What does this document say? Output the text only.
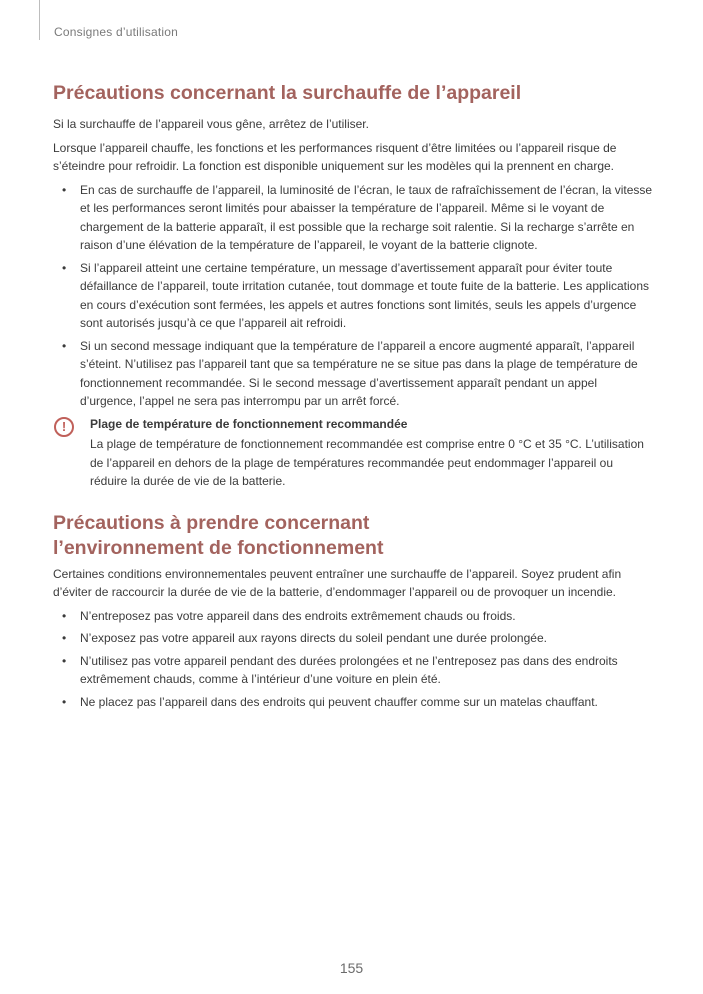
Consignes d’utilisation
Précautions concernant la surchauffe de l’appareil

Si la surchauffe de l’appareil vous gêne, arrêtez de l’utiliser.

Lorsque l’appareil chauffe, les fonctions et les performances risquent d’être limitées ou l’appareil risque de s’éteindre pour refroidir. La fonction est disponible uniquement sur les modèles qui la prennent en charge.

• En cas de surchauffe de l’appareil, la luminosité de l’écran, le taux de rafraîchissement de l’écran, la vitesse et les performances seront limités pour abaisser la température de l’appareil. Même si le voyant de chargement de la batterie apparaît, il est possible que la recharge soit ralentie. Si la recharge s’arrête en raison d’une élévation de la température de l’appareil, le voyant de la batterie clignote.
• Si l’appareil atteint une certaine température, un message d’avertissement apparaît pour éviter toute défaillance de l’appareil, toute irritation cutanée, tout dommage et toute fuite de la batterie. Les applications en cours d’exécution sont fermées, les appels et autres fonctions sont limités, seuls les appels d’urgence sont autorisés jusqu’à ce que l’appareil ait refroidi.
• Si un second message indiquant que la température de l’appareil a encore augmenté apparaît, l’appareil s’éteint. N’utilisez pas l’appareil tant que sa température ne se situe pas dans la plage de température de fonctionnement recommandée. Si le second message d’avertissement apparaît pendant un appel d’urgence, l’appel ne sera pas interrompu par un arrêt forcé.
!	Plage de température de fonctionnement recommandée
La plage de température de fonctionnement recommandée est comprise entre 0 °C et 35 °C. L’utilisation de l’appareil en dehors de la plage de températures recommandée peut endommager l’appareil ou réduire la durée de vie de la batterie.
Précautions à prendre concernant l’environnement de fonctionnement

Certaines conditions environnementales peuvent entraîner une surchauffe de l’appareil. Soyez prudent afin d’éviter de raccourcir la durée de vie de la batterie, d’endommager l’appareil ou de provoquer un incendie.

• N’entreposez pas votre appareil dans des endroits extrêmement chauds ou froids.
• N’exposez pas votre appareil aux rayons directs du soleil pendant une durée prolongée.
• N’utilisez pas votre appareil pendant des durées prolongées et ne l’entreposez pas dans des endroits extrêmement chauds, comme à l’intérieur d’une voiture en plein été.
• Ne placez pas l’appareil dans des endroits qui peuvent chauffer comme sur un matelas chauffant.
155
